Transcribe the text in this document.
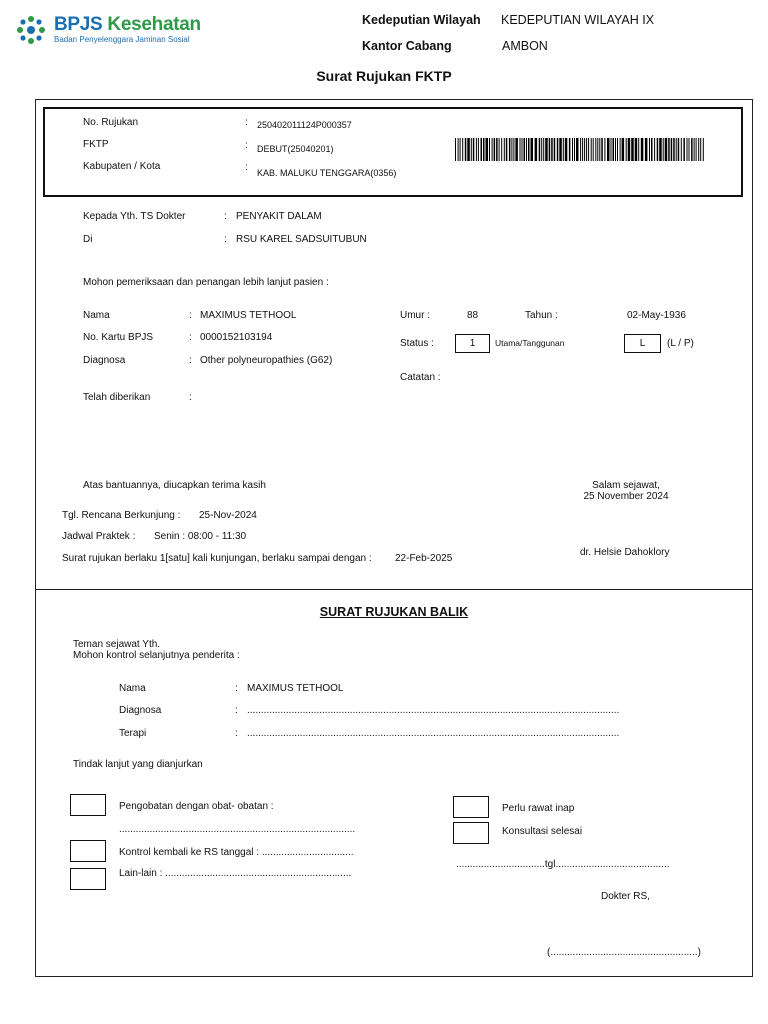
BPJS Kesehatan
Badan Penyelenggara Jaminan Sosial
Kedeputian Wilayah KEDEPUTIAN WILAYAH IX
Kantor Cabang	AMBON
Surat Rujukan FKTP
No. Rujukan	: 250402011124P000357
FKTP	: DEBUT(25040201)
Kabupaten / Kota	: KAB. MALUKU TENGGARA(0356)
Kepada Yth. TS Dokter	: PENYAKIT DALAM
Di	: RSU KAREL SADSUITUBUN
Mohon pemeriksaan dan penangan lebih lanjut pasien :
Nama	: MAXIMUS TETHOOL
No. Kartu BPJS	: 0000152103194
Diagnosa	: Other polyneuropathies (G62)
Telah diberikan	:
Umur :	88	Tahun :	02-May-1936
Status :	1	Utama/Tanggunan	L	(L / P)
Catatan :
Atas bantuannya, diucapkan terima kasih	Salam sejawat,
25 November 2024
Tgl. Rencana Berkunjung : 25-Nov-2024
Jadwal Praktek : Senin : 08:00 - 11:30
Surat rujukan berlaku 1[satu] kali kunjungan, berlaku sampai dengan : 22-Feb-2025
dr. Helsie Dahoklory
SURAT RUJUKAN BALIK
Teman sejawat Yth.
Mohon kontrol selanjutnya penderita :
Nama	: MAXIMUS TETHOOL
Diagnosa	: ......................................................................................................................................
Terapi	: ......................................................................................................................................
Tindak lanjut yang dianjurkan
Pengobatan dengan obat- obatan :
.....................................................................................
Kontrol kembali ke RS tanggal : .................................
Lain-lain : ...................................................................
Perlu rawat inap
Konsultasi selesai
................................tgl.........................................
Dokter RS,
(.....................................................)
